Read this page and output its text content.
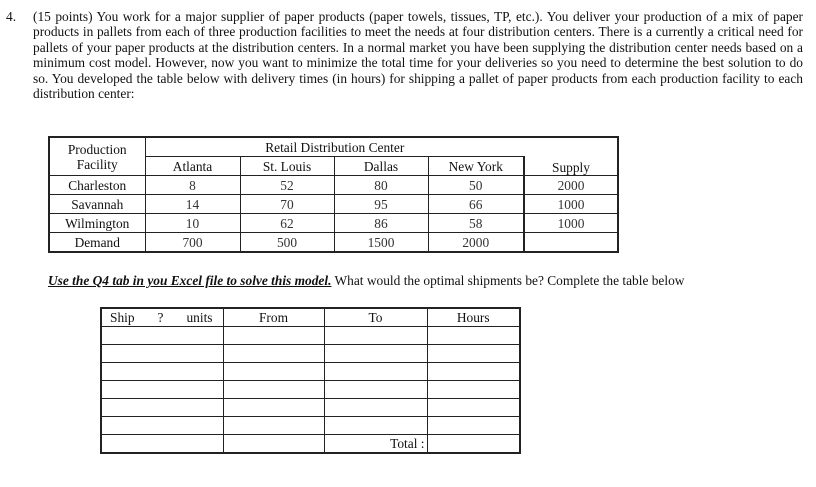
4. (15 points) You work for a major supplier of paper products (paper towels, tissues, TP, etc.). You deliver your production of a mix of paper products in pallets from each of three production facilities to meet the needs at four distribution centers. There is a currently a critical need for pallets of your paper products at the distribution centers. In a normal market you have been supplying the distribution center needs based on a minimum cost model. However, now you want to minimize the total time for your deliveries so you need to determine the best solution to do so. You developed the table below with delivery times (in hours) for shipping a pallet of paper products from each production facility to each distribution center:

Production
Facility	Retail Distribution Center				Supply
	Atlanta	St. Louis	Dallas	New York	
Charleston	8	52	80	50	2000
Savannah	14	70	95	66	1000
Wilmington	10	62	86	58	1000
Demand	700	500	1500	2000	

Use the Q4 tab in you Excel file to solve this model. What would the optimal shipments be? Complete the table below

Ship ? units	From	To	Hours

		Total :	
